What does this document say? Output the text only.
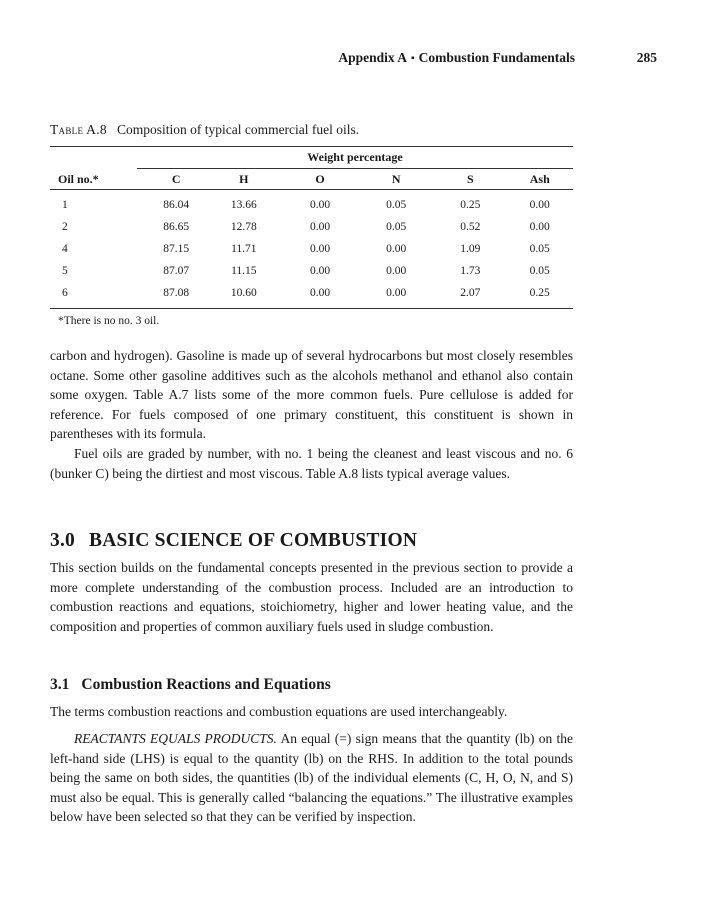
Appendix A ▪ Combustion Fundamentals	285
Table A.8 Composition of typical commercial fuel oils.
Weight percentage						

Oil no.*	C	H	O	N	S	Ash
1	86.04	13.66	0.00	0.05	0.25	0.00
2	86.65	12.78	0.00	0.05	0.52	0.00
4	87.15	11.71	0.00	0.00	1.09	0.05
5	87.07	11.15	0.00	0.00	1.73	0.05
6	87.08	10.60	0.00	0.00	2.07	0.25
*There is no no. 3 oil.

carbon and hydrogen). Gasoline is made up of several hydrocarbons but most closely resembles octane. Some other gasoline additives such as the alcohols methanol and ethanol also contain some oxygen. Table A.7 lists some of the more common fuels. Pure cellulose is added for reference. For fuels composed of one primary constituent, this constituent is shown in parentheses with its formula.

Fuel oils are graded by number, with no. 1 being the cleanest and least viscous and no. 6 (bunker C) being the dirtiest and most viscous. Table A.8 lists typical average values.

3.0 BASIC SCIENCE OF COMBUSTION

This section builds on the fundamental concepts presented in the previous section to provide a more complete understanding of the combustion process. Included are an introduction to combustion reactions and equations, stoichiometry, higher and lower heating value, and the composition and properties of common auxiliary fuels used in sludge combustion.

3.1 Combustion Reactions and Equations

The terms combustion reactions and combustion equations are used interchangeably.

REACTANTS EQUALS PRODUCTS. An equal (=) sign means that the quantity (lb) on the left-hand side (LHS) is equal to the quantity (lb) on the RHS. In addition to the total pounds being the same on both sides, the quantities (lb) of the individual elements (C, H, O, N, and S) must also be equal. This is generally called “balancing the equations.” The illustrative examples below have been selected so that they can be verified by inspection.
